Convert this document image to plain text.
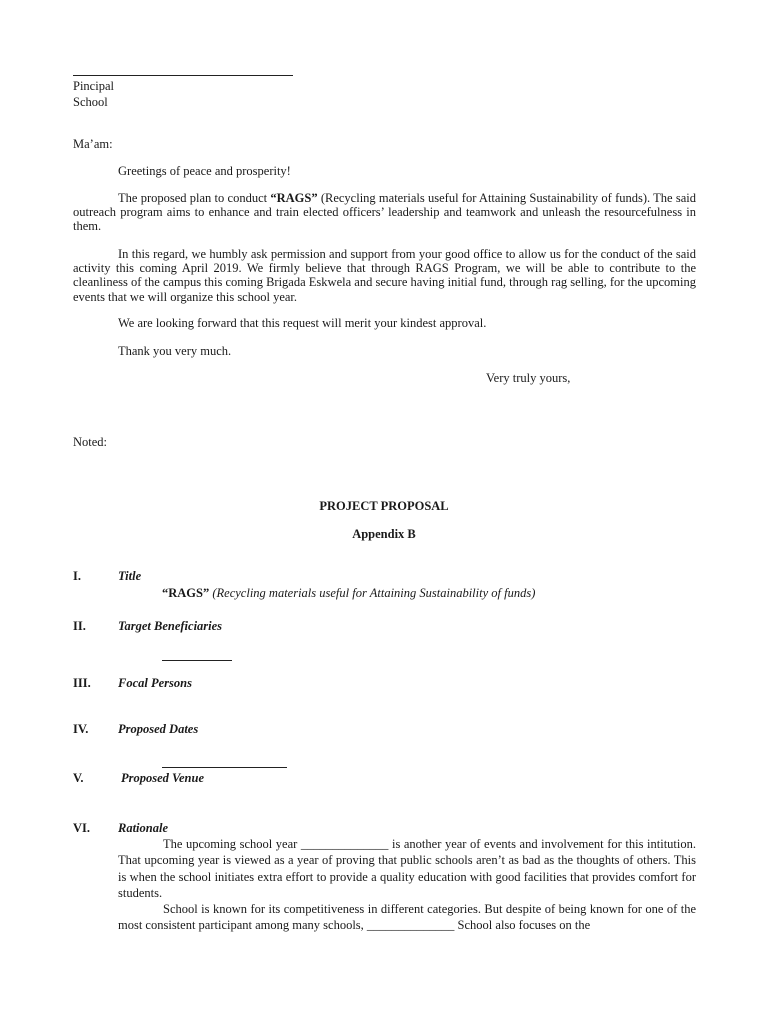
Pincipal
School
Ma’am:
Greetings of peace and prosperity!
The proposed plan to conduct “RAGS” (Recycling materials useful for Attaining Sustainability of funds). The said outreach program aims to enhance and train elected officers’ leadership and teamwork and unleash the resourcefulness in them.
In this regard, we humbly ask permission and support from your good office to allow us for the conduct of the said activity this coming April 2019. We firmly believe that through RAGS Program, we will be able to contribute to the cleanliness of the campus this coming Brigada Eskwela and secure having initial fund, through rag selling, for the upcoming events that we will organize this school year.
We are looking forward that this request will merit your kindest approval.
Thank you very much.
Very truly yours,
Noted:
PROJECT PROPOSAL
Appendix B
I.	Title
“RAGS” (Recycling materials useful for Attaining Sustainability of funds)
II.	Target Beneficiaries
III. Focal Persons
IV. Proposed Dates
V.	Proposed Venue
VI. Rationale
The upcoming school year ______________ is another year of events and involvement for this intitution. That upcoming year is viewed as a year of proving that public schools aren’t as bad as the thoughts of others. This is when the school initiates extra effort to provide a quality education with good facilities that provides comfort for students.
School is known for its competitiveness in different categories. But despite of being known for one of the most consistent participant among many schools, ______________ School also focuses on the
